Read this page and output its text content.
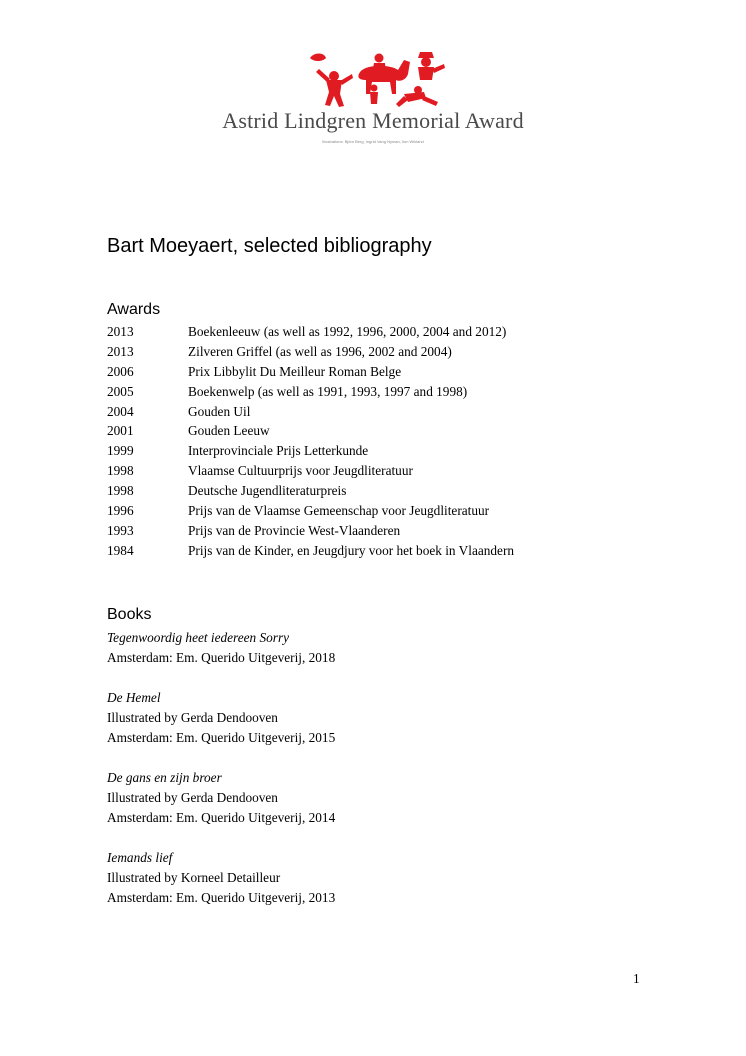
Astrid Lindgren Memorial Award
Illustrations: Björn Berg, Ingrid Vang Nyman, Ilon Wikland
Bart Moeyaert, selected bibliography
Awards
2013	Boekenleeuw (as well as 1992, 1996, 2000, 2004 and 2012)
2013	Zilveren Griffel (as well as 1996, 2002 and 2004)
2006	Prix Libbylit Du Meilleur Roman Belge
2005	Boekenwelp (as well as 1991, 1993, 1997 and 1998)
2004	Gouden Uil
2001	Gouden Leeuw
1999	Interprovinciale Prijs Letterkunde
1998	Vlaamse Cultuurprijs voor Jeugdliteratuur
1998	Deutsche Jugendliteraturpreis
1996	Prijs van de Vlaamse Gemeenschap voor Jeugdliteratuur
1993	Prijs van de Provincie West-Vlaanderen
1984	Prijs van de Kinder, en Jeugdjury voor het boek in Vlaandern
Books
Tegenwoordig heet iedereen Sorry
Amsterdam: Em. Querido Uitgeverij, 2018
De Hemel
Illustrated by Gerda Dendooven
Amsterdam: Em. Querido Uitgeverij, 2015
De gans en zijn broer
Illustrated by Gerda Dendooven
Amsterdam: Em. Querido Uitgeverij, 2014
Iemands lief
Illustrated by Korneel Detailleur
Amsterdam: Em. Querido Uitgeverij, 2013
1
